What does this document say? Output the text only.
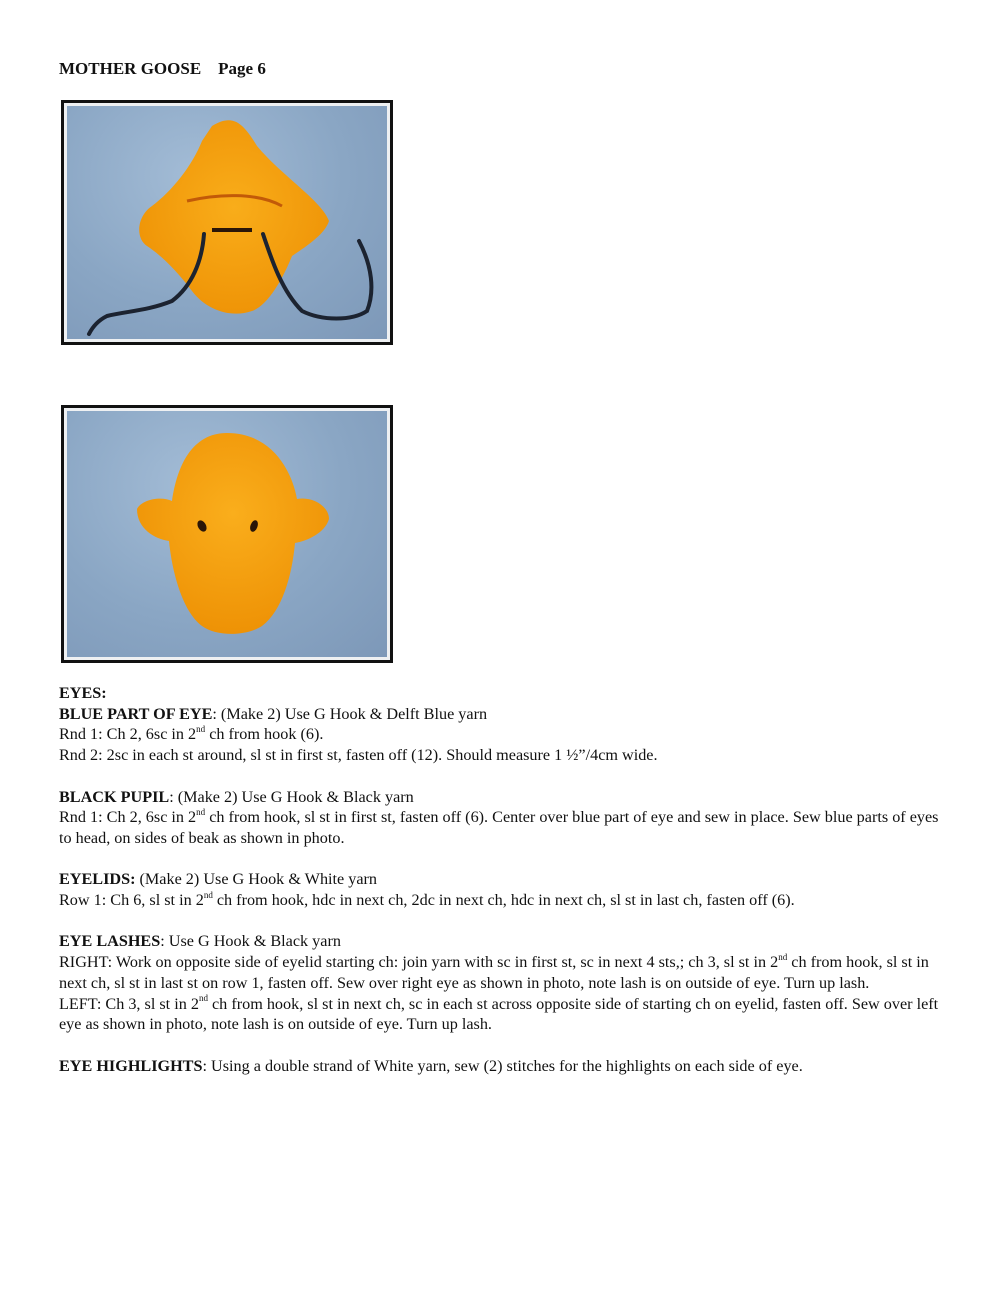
MOTHER GOOSE Page 6

EYES:

BLUE PART OF EYE: (Make 2) Use G Hook & Delft Blue yarn

Rnd 1: Ch 2, 6sc in 2nd ch from hook (6).

Rnd 2: 2sc in each st around, sl st in first st, fasten off (12). Should measure 1 ½”/4cm wide.

BLACK PUPIL: (Make 2) Use G Hook & Black yarn

Rnd 1: Ch 2, 6sc in 2nd ch from hook, sl st in first st, fasten off (6). Center over blue part of eye and sew in place. Sew blue parts of eyes to head, on sides of beak as shown in photo.

EYELIDS: (Make 2) Use G Hook & White yarn

Row 1: Ch 6, sl st in 2nd ch from hook, hdc in next ch, 2dc in next ch, hdc in next ch, sl st in last ch, fasten off (6).

EYE LASHES: Use G Hook & Black yarn

RIGHT: Work on opposite side of eyelid starting ch: join yarn with sc in first st, sc in next 4 sts,; ch 3, sl st in 2nd ch from hook, sl st in next ch, sl st in last st on row 1, fasten off. Sew over right eye as shown in photo, note lash is on outside of eye. Turn up lash.

LEFT: Ch 3, sl st in 2nd ch from hook, sl st in next ch, sc in each st across opposite side of starting ch on eyelid, fasten off. Sew over left eye as shown in photo, note lash is on outside of eye. Turn up lash.

EYE HIGHLIGHTS: Using a double strand of White yarn, sew (2) stitches for the highlights on each side of eye.
